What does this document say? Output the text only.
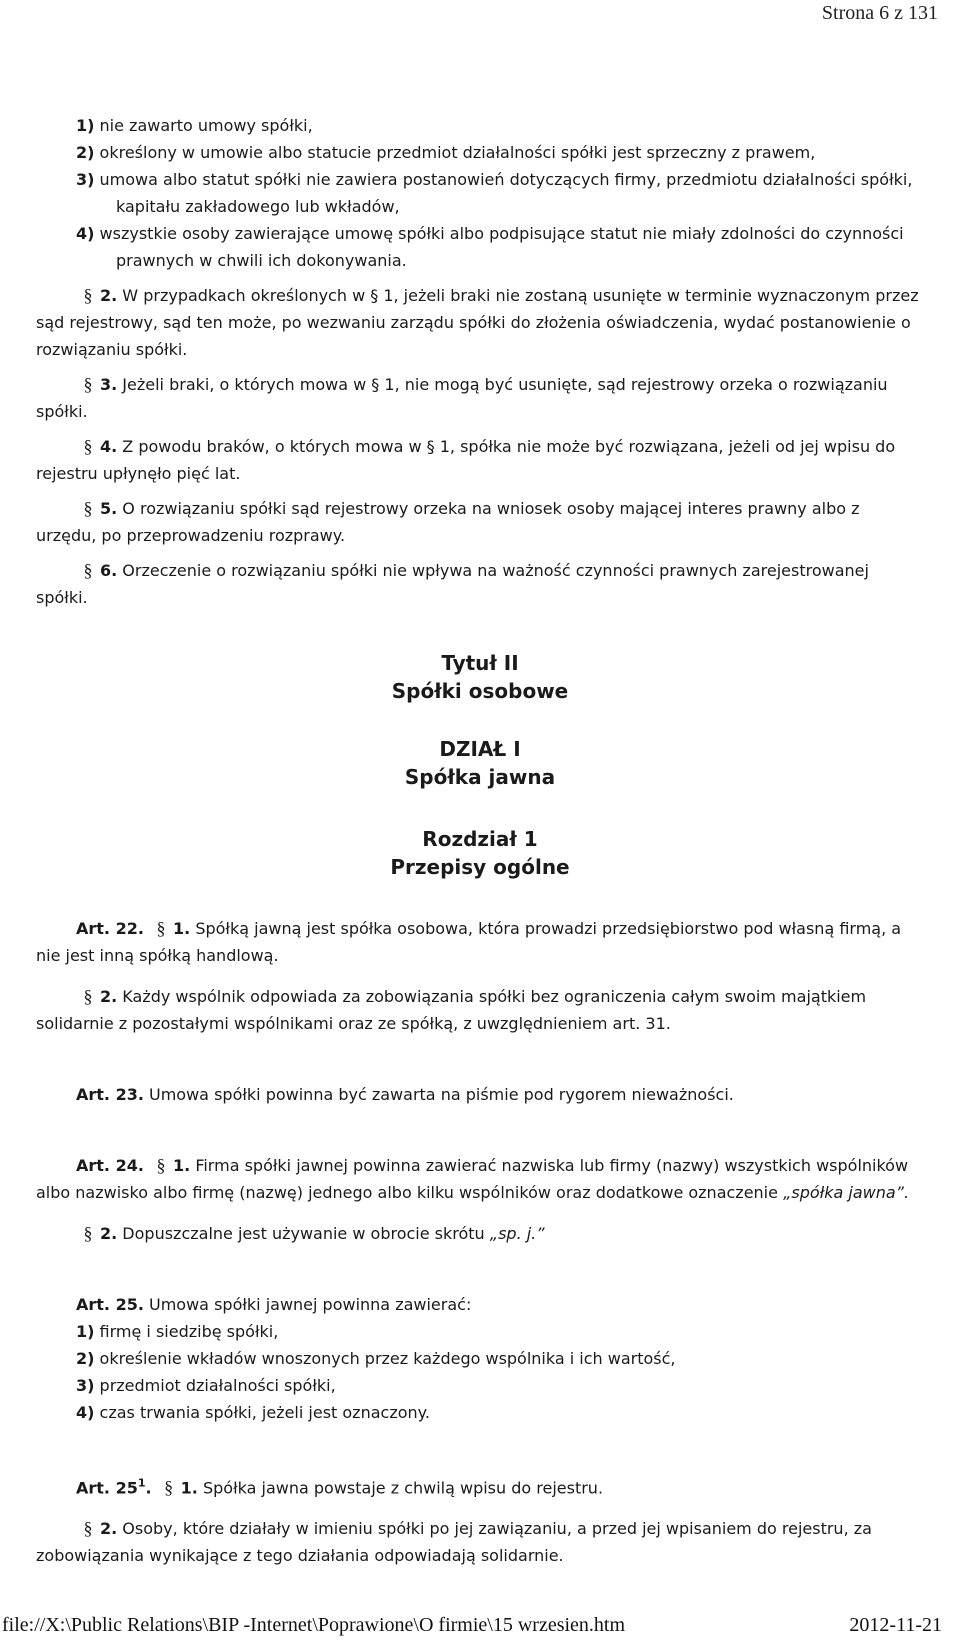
Strona 6 z 131
1) nie zawarto umowy spółki,
2) określony w umowie albo statucie przedmiot działalności spółki jest sprzeczny z prawem,
3) umowa albo statut spółki nie zawiera postanowień dotyczących firmy, przedmiotu działalności spółki, kapitału zakładowego lub wkładów,
4) wszystkie osoby zawierające umowę spółki albo podpisujące statut nie miały zdolności do czynności prawnych w chwili ich dokonywania.
§ 2. W przypadkach określonych w § 1, jeżeli braki nie zostaną usunięte w terminie wyznaczonym przez sąd rejestrowy, sąd ten może, po wezwaniu zarządu spółki do złożenia oświadczenia, wydać postanowienie o rozwiązaniu spółki.
§ 3. Jeżeli braki, o których mowa w § 1, nie mogą być usunięte, sąd rejestrowy orzeka o rozwiązaniu spółki.
§ 4. Z powodu braków, o których mowa w § 1, spółka nie może być rozwiązana, jeżeli od jej wpisu do rejestru upłynęło pięć lat.
§ 5. O rozwiązaniu spółki sąd rejestrowy orzeka na wniosek osoby mającej interes prawny albo z urzędu, po przeprowadzeniu rozprawy.
§ 6. Orzeczenie o rozwiązaniu spółki nie wpływa na ważność czynności prawnych zarejestrowanej spółki.
Tytuł II
Spółki osobowe
DZIAŁ I
Spółka jawna
Rozdział 1
Przepisy ogólne
Art. 22. § 1. Spółką jawną jest spółka osobowa, która prowadzi przedsiębiorstwo pod własną firmą, a nie jest inną spółką handlową.
§ 2. Każdy wspólnik odpowiada za zobowiązania spółki bez ograniczenia całym swoim majątkiem solidarnie z pozostałymi wspólnikami oraz ze spółką, z uwzględnieniem art. 31.
Art. 23. Umowa spółki powinna być zawarta na piśmie pod rygorem nieważności.
Art. 24. § 1. Firma spółki jawnej powinna zawierać nazwiska lub firmy (nazwy) wszystkich wspólników albo nazwisko albo firmę (nazwę) jednego albo kilku wspólników oraz dodatkowe oznaczenie „spółka jawna”.
§ 2. Dopuszczalne jest używanie w obrocie skrótu „sp. j.”
Art. 25. Umowa spółki jawnej powinna zawierać:
1) firmę i siedzibę spółki,
2) określenie wkładów wnoszonych przez każdego wspólnika i ich wartość,
3) przedmiot działalności spółki,
4) czas trwania spółki, jeżeli jest oznaczony.
Art. $25^1$. § 1. Spółka jawna powstaje z chwilą wpisu do rejestru.
§ 2. Osoby, które działały w imieniu spółki po jej zawiązaniu, a przed jej wpisaniem do rejestru, za zobowiązania wynikające z tego działania odpowiadają solidarnie.
file://X:\Public Relations\BIP -Internet\Poprawione\O firmie\15 wrzesien.htm	2012-11-21
